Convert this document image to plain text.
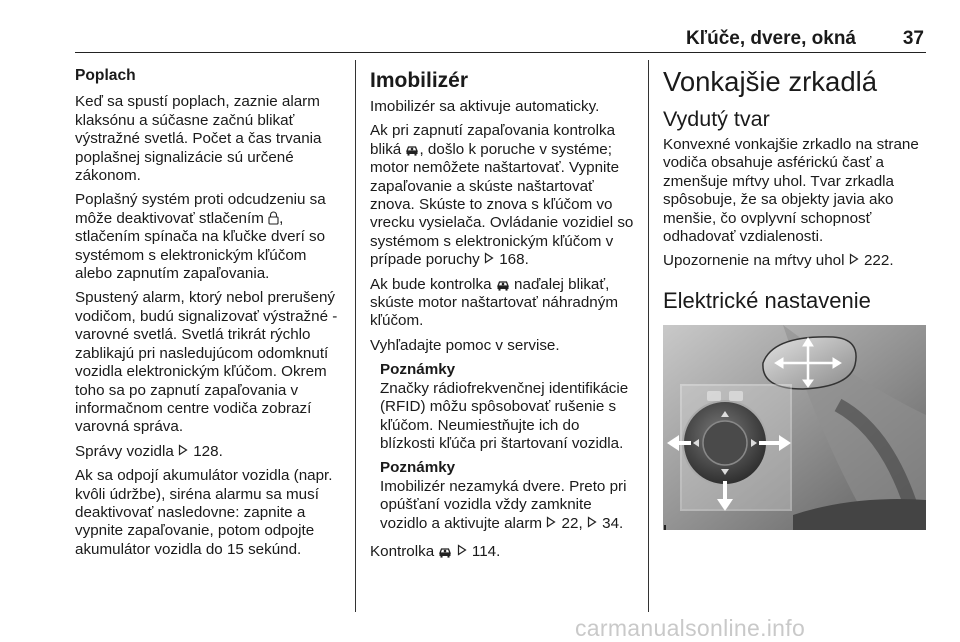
Kľúče, dvere, okná 37
Poplach

Keď sa spustí poplach, zaznie alarm klaksónu a súčasne začnú blikať výstražné svetlá. Počet a čas trvania poplašnej signalizácie sú určené zákonom.

Poplašný systém proti odcudzeniu sa môže deaktivovať stlačením , stlačením spínača na kľučke dverí so systémom s elektronickým kľúčom alebo zapnutím zapaľovania.

Spustený alarm, ktorý nebol prerušený vodičom, budú signalizovať výstražné - varovné svetlá. Svetlá trikrát rýchlo zablikajú pri nasledujúcom odomknutí vozidla elektronickým kľúčom. Okrem toho sa po zapnutí zapaľovania v informačnom centre vodiča zobrazí varovná správa.

Správy vozidla 128.

Ak sa odpojí akumulátor vozidla (napr. kvôli údržbe), siréna alarmu sa musí deaktivovať nasledovne: zapnite a vypnite zapaľovanie, potom odpojte akumulátor vozidla do 15 sekúnd.

Imobilizér

Imobilizér sa aktivuje automaticky.

Ak pri zapnutí zapaľovania kontrolka bliká , došlo k poruche v systéme; motor nemôžete naštartovať. Vypnite zapaľovanie a skúste naštartovať znova. Skúste to znova s kľúčom vo vrecku vysielača. Ovládanie vozidiel so systémom s elektronickým kľúčom v prípade poruchy 168.

Ak bude kontrolka naďalej blikať, skúste motor naštartovať náhradným kľúčom.

Vyhľadajte pomoc v servise.

Poznámky
Značky rádiofrekvenčnej identifikácie (RFID) môžu spôsobovať rušenie s kľúčom. Neumiestňujte ich do blízkosti kľúča pri štartovaní vozidla.
Poznámky
Imobilizér nezamyká dvere. Preto pri opúšťaní vozidla vždy zamknite vozidlo a aktivujte alarm 22, 34.

Kontrolka 114.

Vonkajšie zrkadlá
Vydutý tvar

Konvexné vonkajšie zrkadlo na strane vodiča obsahuje asférickú časť a zmenšuje mŕtvy uhol. Tvar zrkadla spôsobuje, že sa objekty javia ako menšie, čo ovplyvní schopnosť odhadovať vzdialenosti.

Upozornenie na mŕtvy uhol 222.

Elektrické nastavenie
carmanualsonline.info
